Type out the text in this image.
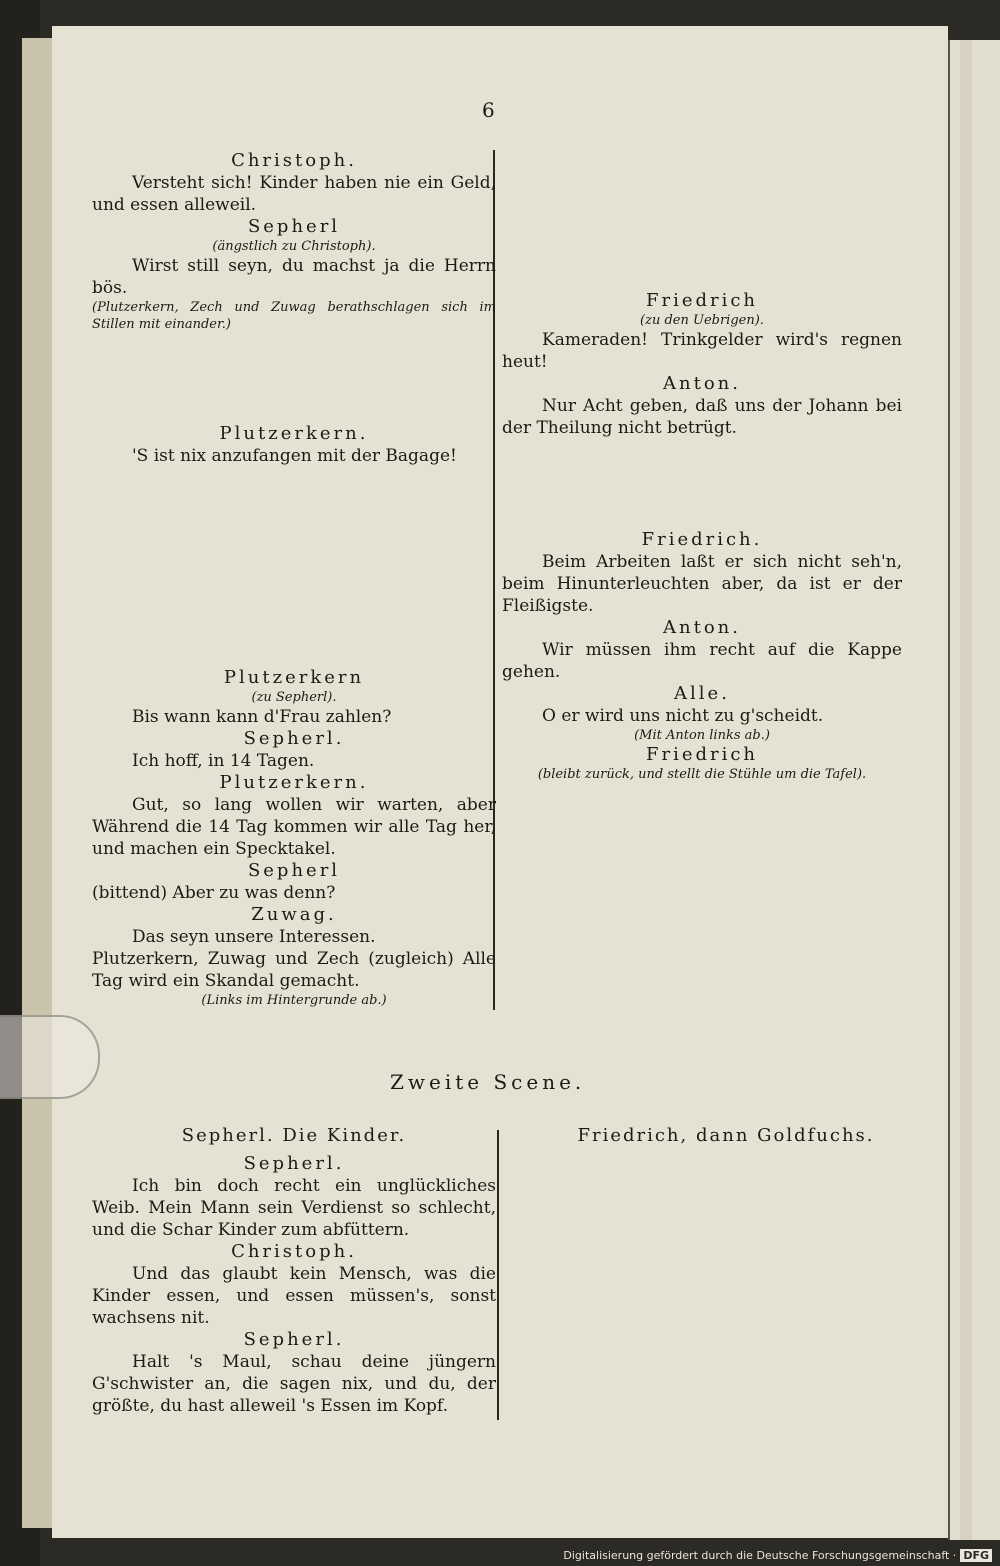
6
Christoph.
Versteht sich! Kinder haben nie ein Geld, und essen alleweil.
Sepherl
(ängstlich zu Christoph).
Wirst still seyn, du machst ja die Herrn bös.
(Plutzerkern, Zech und Zuwag berathschlagen sich im Stillen mit einander.)
Plutzerkern.
'S ist nix anzufangen mit der Bagage!
Plutzerkern
(zu Sepherl).
Bis wann kann d'Frau zahlen?
Sepherl.
Ich hoff, in 14 Tagen.
Plutzerkern.
Gut, so lang wollen wir warten, aber Während die 14 Tag kommen wir alle Tag her, und machen ein Specktakel.
Sepherl
(bittend) Aber zu was denn?
Zuwag.
Das seyn unsere Interessen.
Plutzerkern, Zuwag und Zech (zugleich) Alle Tag wird ein Skandal gemacht.
(Links im Hintergrunde ab.)
Friedrich
(zu den Uebrigen).
Kameraden! Trinkgelder wird's regnen heut!
Anton.
Nur Acht geben, daß uns der Johann bei der Theilung nicht betrügt.
Friedrich.
Beim Arbeiten laßt er sich nicht seh'n, beim Hinunterleuchten aber, da ist er der Fleißigste.
Anton.
Wir müssen ihm recht auf die Kappe gehen.
Alle.
O er wird uns nicht zu g'scheidt.
(Mit Anton links ab.)
Friedrich
(bleibt zurück, und stellt die Stühle um die Tafel).
Zweite Scene.
Sepherl. Die Kinder.
Sepherl.
Ich bin doch recht ein unglückliches Weib. Mein Mann sein Verdienst so schlecht, und die Schar Kinder zum abfüttern.
Christoph.
Und das glaubt kein Mensch, was die Kinder essen, und essen müssen's, sonst wachsens nit.
Sepherl.
Halt 's Maul, schau deine jüngern G'schwister an, die sagen nix, und du, der größte, du hast alleweil 's Essen im Kopf.
Friedrich, dann Goldfuchs.
Digitalisierung gefördert durch die Deutsche Forschungsgemeinschaft · DFG
